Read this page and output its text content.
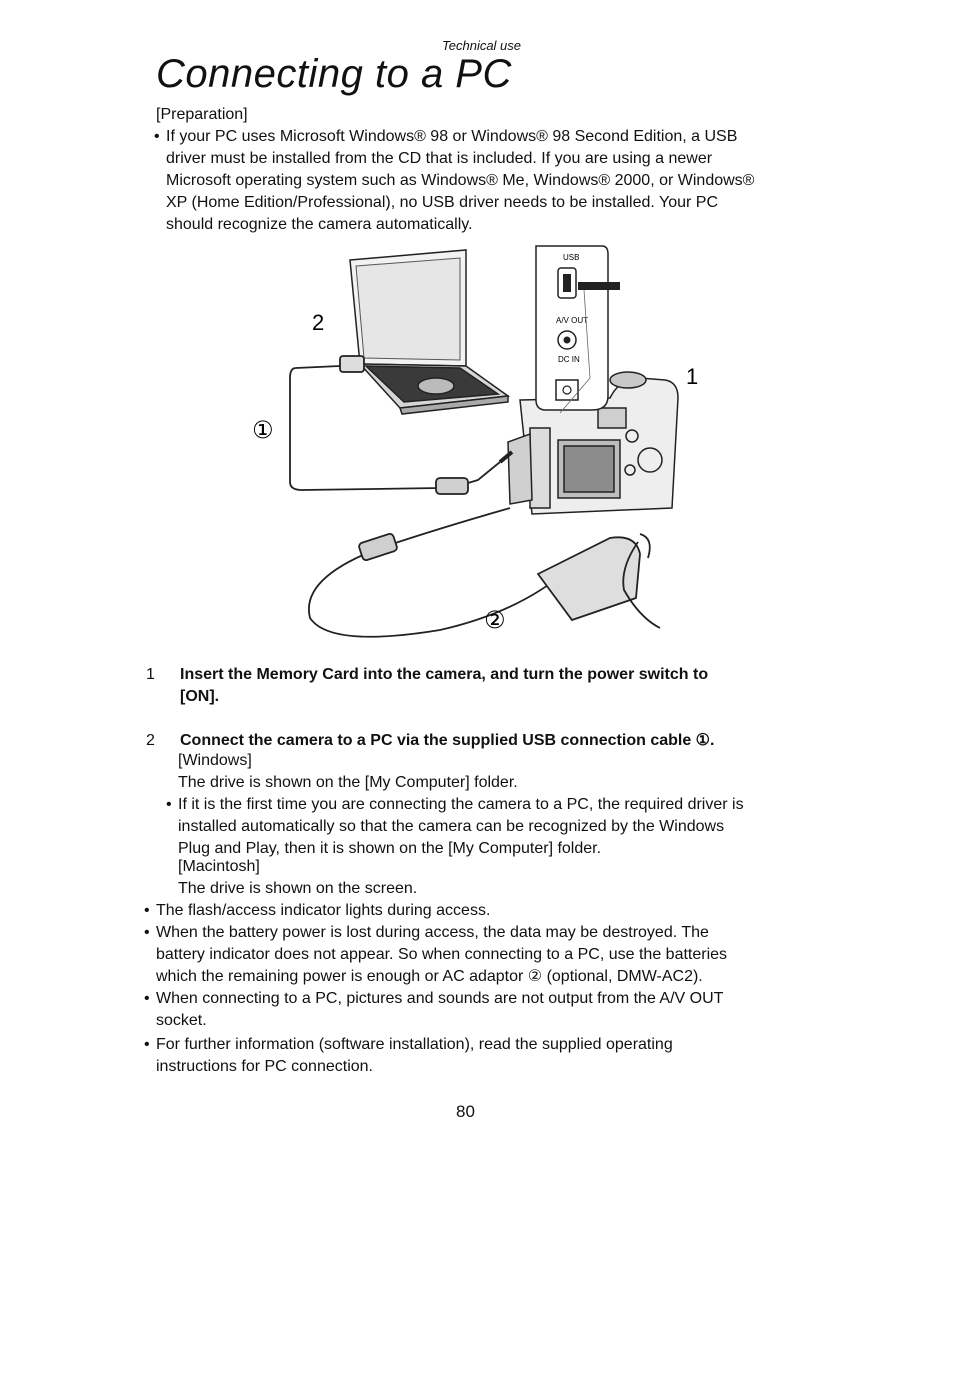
Technical use
Connecting to a PC
[Preparation]
• If your PC uses Microsoft Windows® 98 or Windows® 98 Second Edition, a USB
driver must be installed from the CD that is included. If you are using a newer
Microsoft operating system such as Windows® Me, Windows® 2000, or Windows®
XP (Home Edition/Professional), no USB driver needs to be installed. Your PC
should recognize the camera automatically.
USB
A/V OUT
DC IN
2
1
①
②
1 Insert the Memory Card into the camera, and turn the power switch to
[ON].
2 Connect the camera to a PC via the supplied USB connection cable ①.
[Windows]
The drive is shown on the [My Computer] folder.
• If it is the first time you are connecting the camera to a PC, the required driver is
installed automatically so that the camera can be recognized by the Windows
Plug and Play, then it is shown on the [My Computer] folder.
[Macintosh]
The drive is shown on the screen.
• The flash/access indicator lights during access.
• When the battery power is lost during access, the data may be destroyed. The
battery indicator does not appear. So when connecting to a PC, use the batteries
which the remaining power is enough or AC adaptor ② (optional, DMW-AC2).
• When connecting to a PC, pictures and sounds are not output from the A/V OUT
socket.
• For further information (software installation), read the supplied operating
instructions for PC connection.
80
